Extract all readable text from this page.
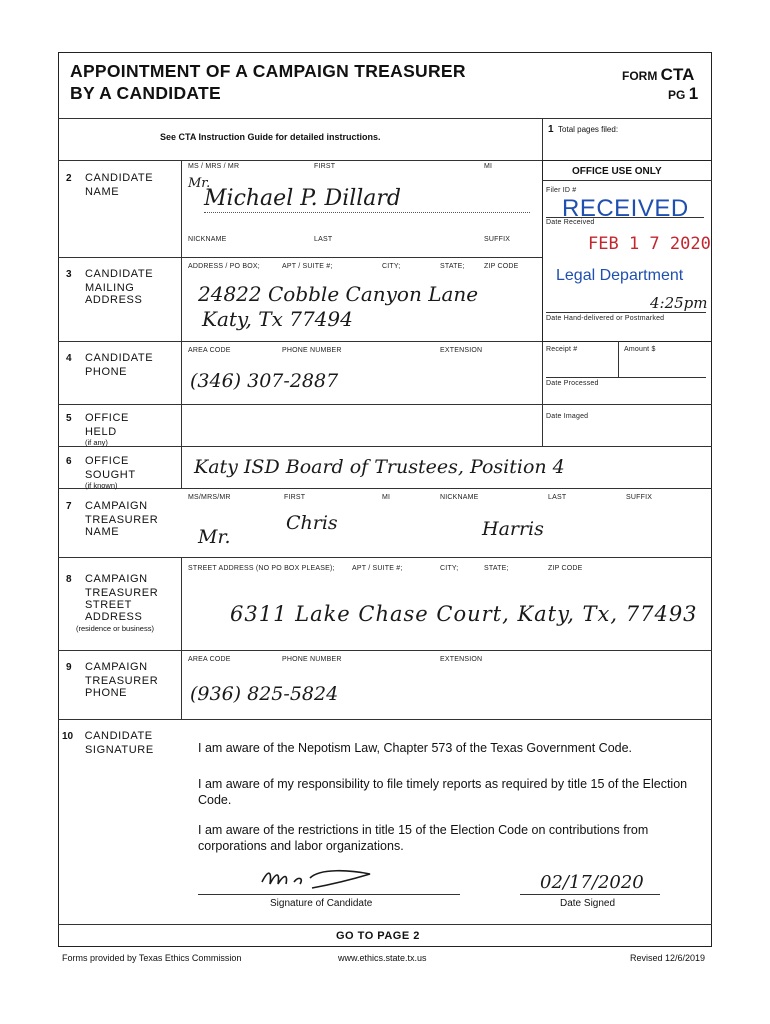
APPOINTMENT OF A CAMPAIGN TREASURER
BY A CANDIDATE
FORM CTA
PG 1
See CTA Instruction Guide for detailed instructions.
1 Total pages filed:
OFFICE USE ONLY
Filer ID #
RECEIVED
Date Received
FEB 1 7 2020
Legal Department
4:25pm
Date Hand-delivered or Postmarked
Receipt #	Amount $
Date Processed
Date Imaged
2 CANDIDATE
NAME
MS / MRS / MR	FIRST	MI
Mr.
Michael P. Dillard
NICKNAME	LAST	SUFFIX
3 CANDIDATE
MAILING
ADDRESS
ADDRESS / PO BOX;	APT / SUITE #;	CITY;	STATE;	ZIP CODE
24822 Cobble Canyon Lane
Katy, Tx 77494
4 CANDIDATE
PHONE
AREA CODE	PHONE NUMBER	EXTENSION
(346) 307-2887
5 OFFICE
HELD
(if any)
6 OFFICE
SOUGHT
(if known)
Katy ISD Board of Trustees, Position 4
7 CAMPAIGN
TREASURER
NAME
MS/MRS/MR	FIRST	MI	NICKNAME	LAST	SUFFIX
Mr.
Chris	Harris
8 CAMPAIGN
TREASURER
STREET
ADDRESS
(residence or business)
STREET ADDRESS (NO PO BOX PLEASE); APT / SUITE #;	CITY;	STATE;	ZIP CODE
6311 Lake Chase Court, Katy, Tx, 77493
9 CAMPAIGN
TREASURER
PHONE
AREA CODE	PHONE NUMBER	EXTENSION
(936) 825-5824
10 CANDIDATE
SIGNATURE	I am aware of the Nepotism Law, Chapter 573 of the Texas Government Code.
I am aware of my responsibility to file timely reports as required by title 15 of the Election Code.
I am aware of the restrictions in title 15 of the Election Code on contributions from corporations and labor organizations.
Signature of Candidate
02/17/2020
Date Signed
GO TO PAGE 2
Forms provided by Texas Ethics Commission	www.ethics.state.tx.us	Revised 12/6/2019
